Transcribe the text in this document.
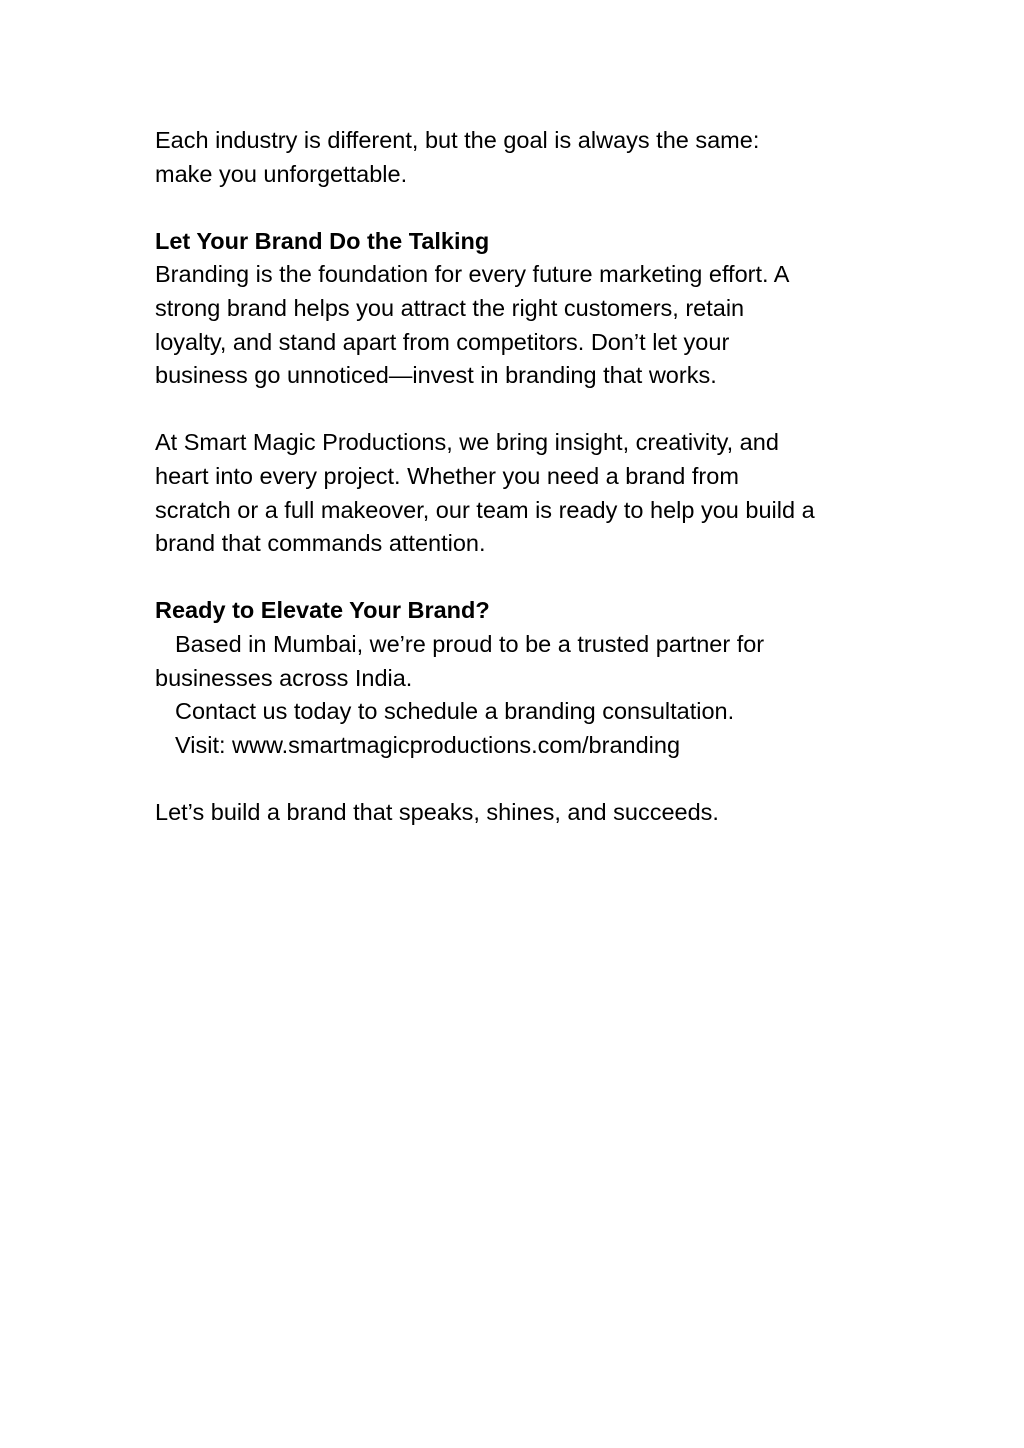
Each industry is different, but the goal is always the same:
make you unforgettable.
Let Your Brand Do the Talking
Branding is the foundation for every future marketing effort. A
strong brand helps you attract the right customers, retain
loyalty, and stand apart from competitors. Don’t let your
business go unnoticed—invest in branding that works.
At Smart Magic Productions, we bring insight, creativity, and
heart into every project. Whether you need a brand from
scratch or a full makeover, our team is ready to help you build a
brand that commands attention.
Ready to Elevate Your Brand?
Based in Mumbai, we’re proud to be a trusted partner for
businesses across India.
Contact us today to schedule a branding consultation.
Visit: www.smartmagicproductions.com/branding
Let’s build a brand that speaks, shines, and succeeds.
